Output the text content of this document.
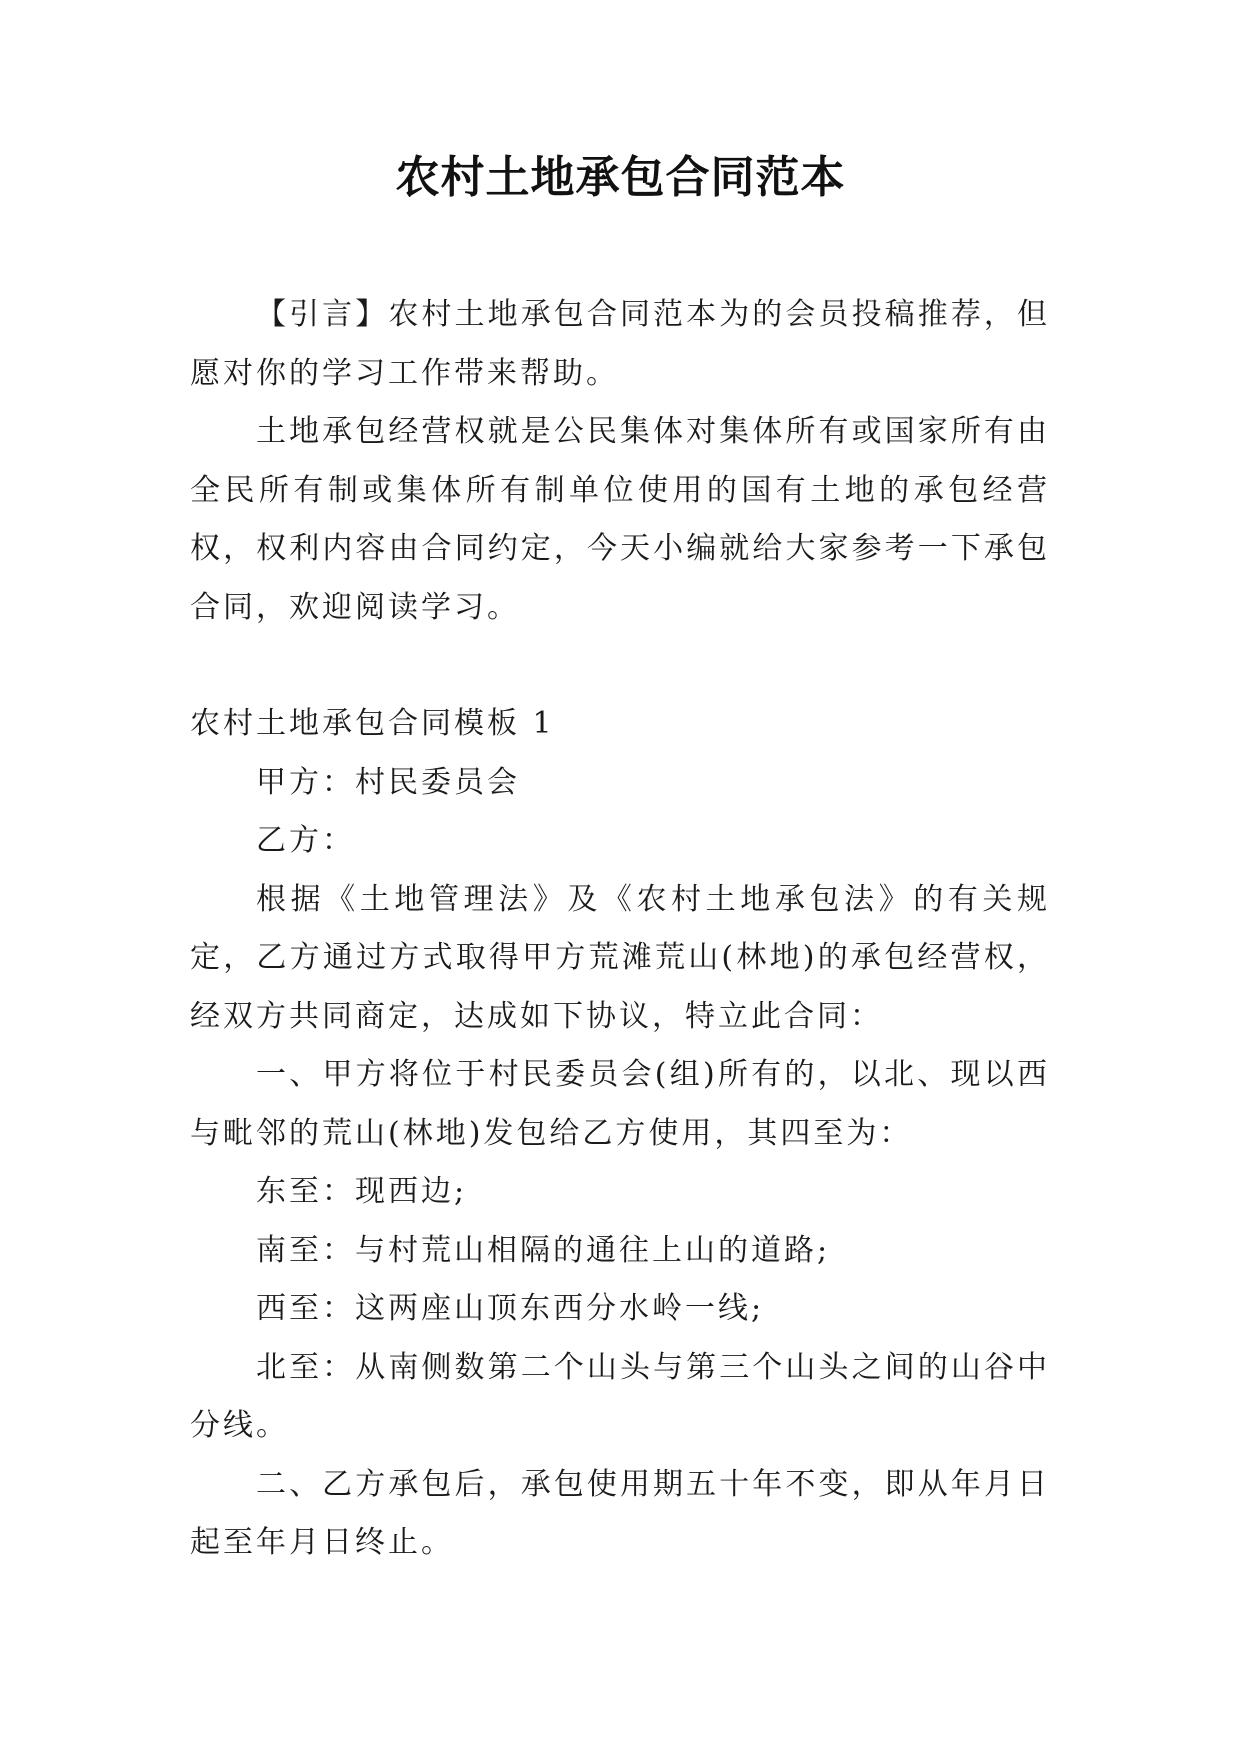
农村土地承包合同范本

【引言】农村土地承包合同范本为的会员投稿推荐，但愿对你的学习工作带来帮助。

土地承包经营权就是公民集体对集体所有或国家所有由全民所有制或集体所有制单位使用的国有土地的承包经营权，权利内容由合同约定，今天小编就给大家参考一下承包合同，欢迎阅读学习。

农村土地承包合同模板 1

甲方：村民委员会

乙方：

根据《土地管理法》及《农村土地承包法》的有关规定，乙方通过方式取得甲方荒滩荒山(林地)的承包经营权，经双方共同商定，达成如下协议，特立此合同：

一、甲方将位于村民委员会(组)所有的，以北、现以西与毗邻的荒山(林地)发包给乙方使用，其四至为：

东至：现西边;

南至：与村荒山相隔的通往上山的道路;

西至：这两座山顶东西分水岭一线;

北至：从南侧数第二个山头与第三个山头之间的山谷中分线。

二、乙方承包后，承包使用期五十年不变，即从年月日起至年月日终止。
